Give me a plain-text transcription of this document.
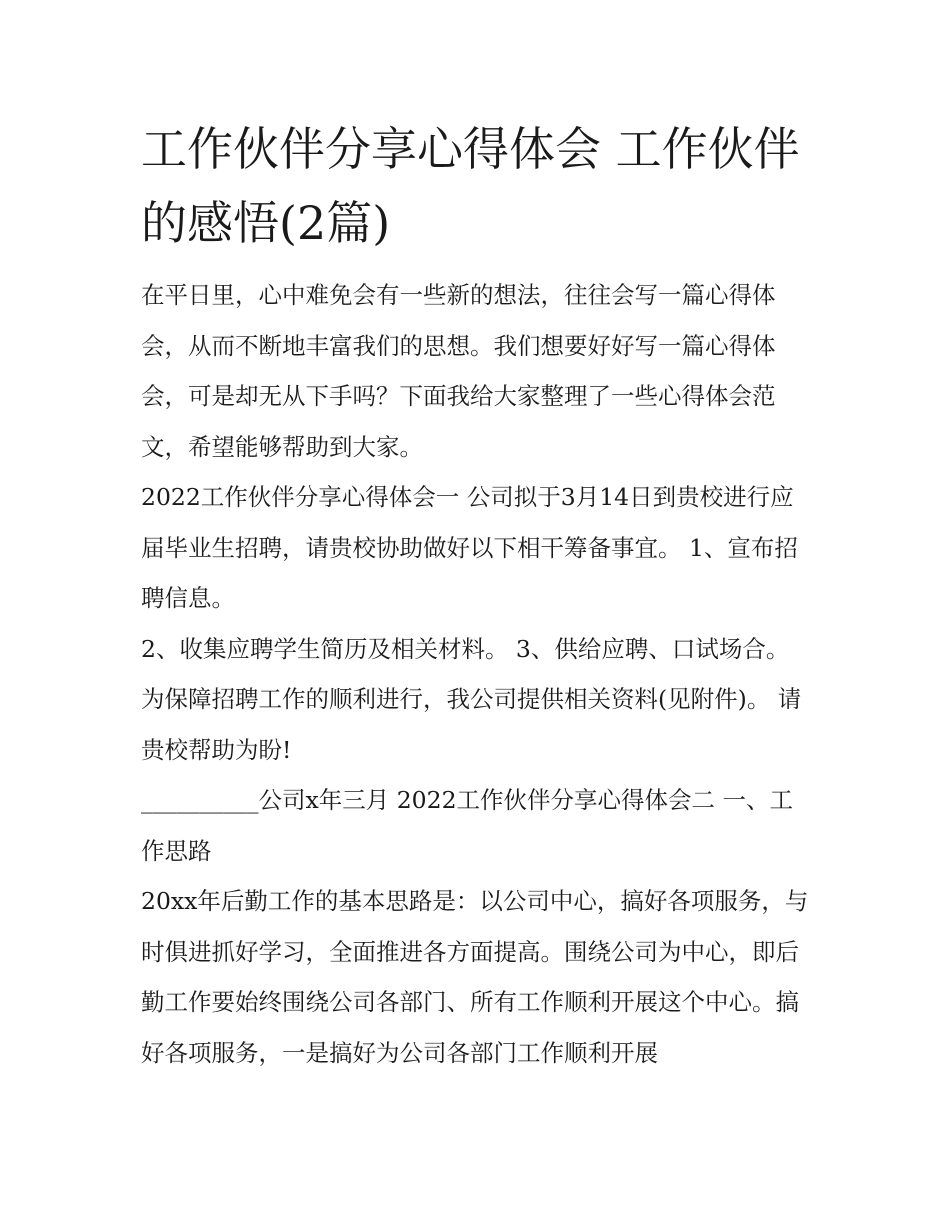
工作伙伴分享心得体会 工作伙伴的感悟(2篇)

在平日里，心中难免会有一些新的想法，往往会写一篇心得体会，从而不断地丰富我们的思想。我们想要好好写一篇心得体会，可是却无从下手吗？下面我给大家整理了一些心得体会范文，希望能够帮助到大家。

2022工作伙伴分享心得体会一 公司拟于3月14日到贵校进行应届毕业生招聘，请贵校协助做好以下相干筹备事宜。 1、宣布招聘信息。

2、收集应聘学生简历及相关材料。 3、供给应聘、口试场合。 为保障招聘工作的顺利进行，我公司提供相关资料(见附件)。 请贵校帮助为盼!

__________公司x年三月 2022工作伙伴分享心得体会二 一、工作思路

20xx年后勤工作的基本思路是：以公司中心，搞好各项服务，与时俱进抓好学习，全面推进各方面提高。围绕公司为中心，即后勤工作要始终围绕公司各部门、所有工作顺利开展这个中心。搞好各项服务，一是搞好为公司各部门工作顺利开展
